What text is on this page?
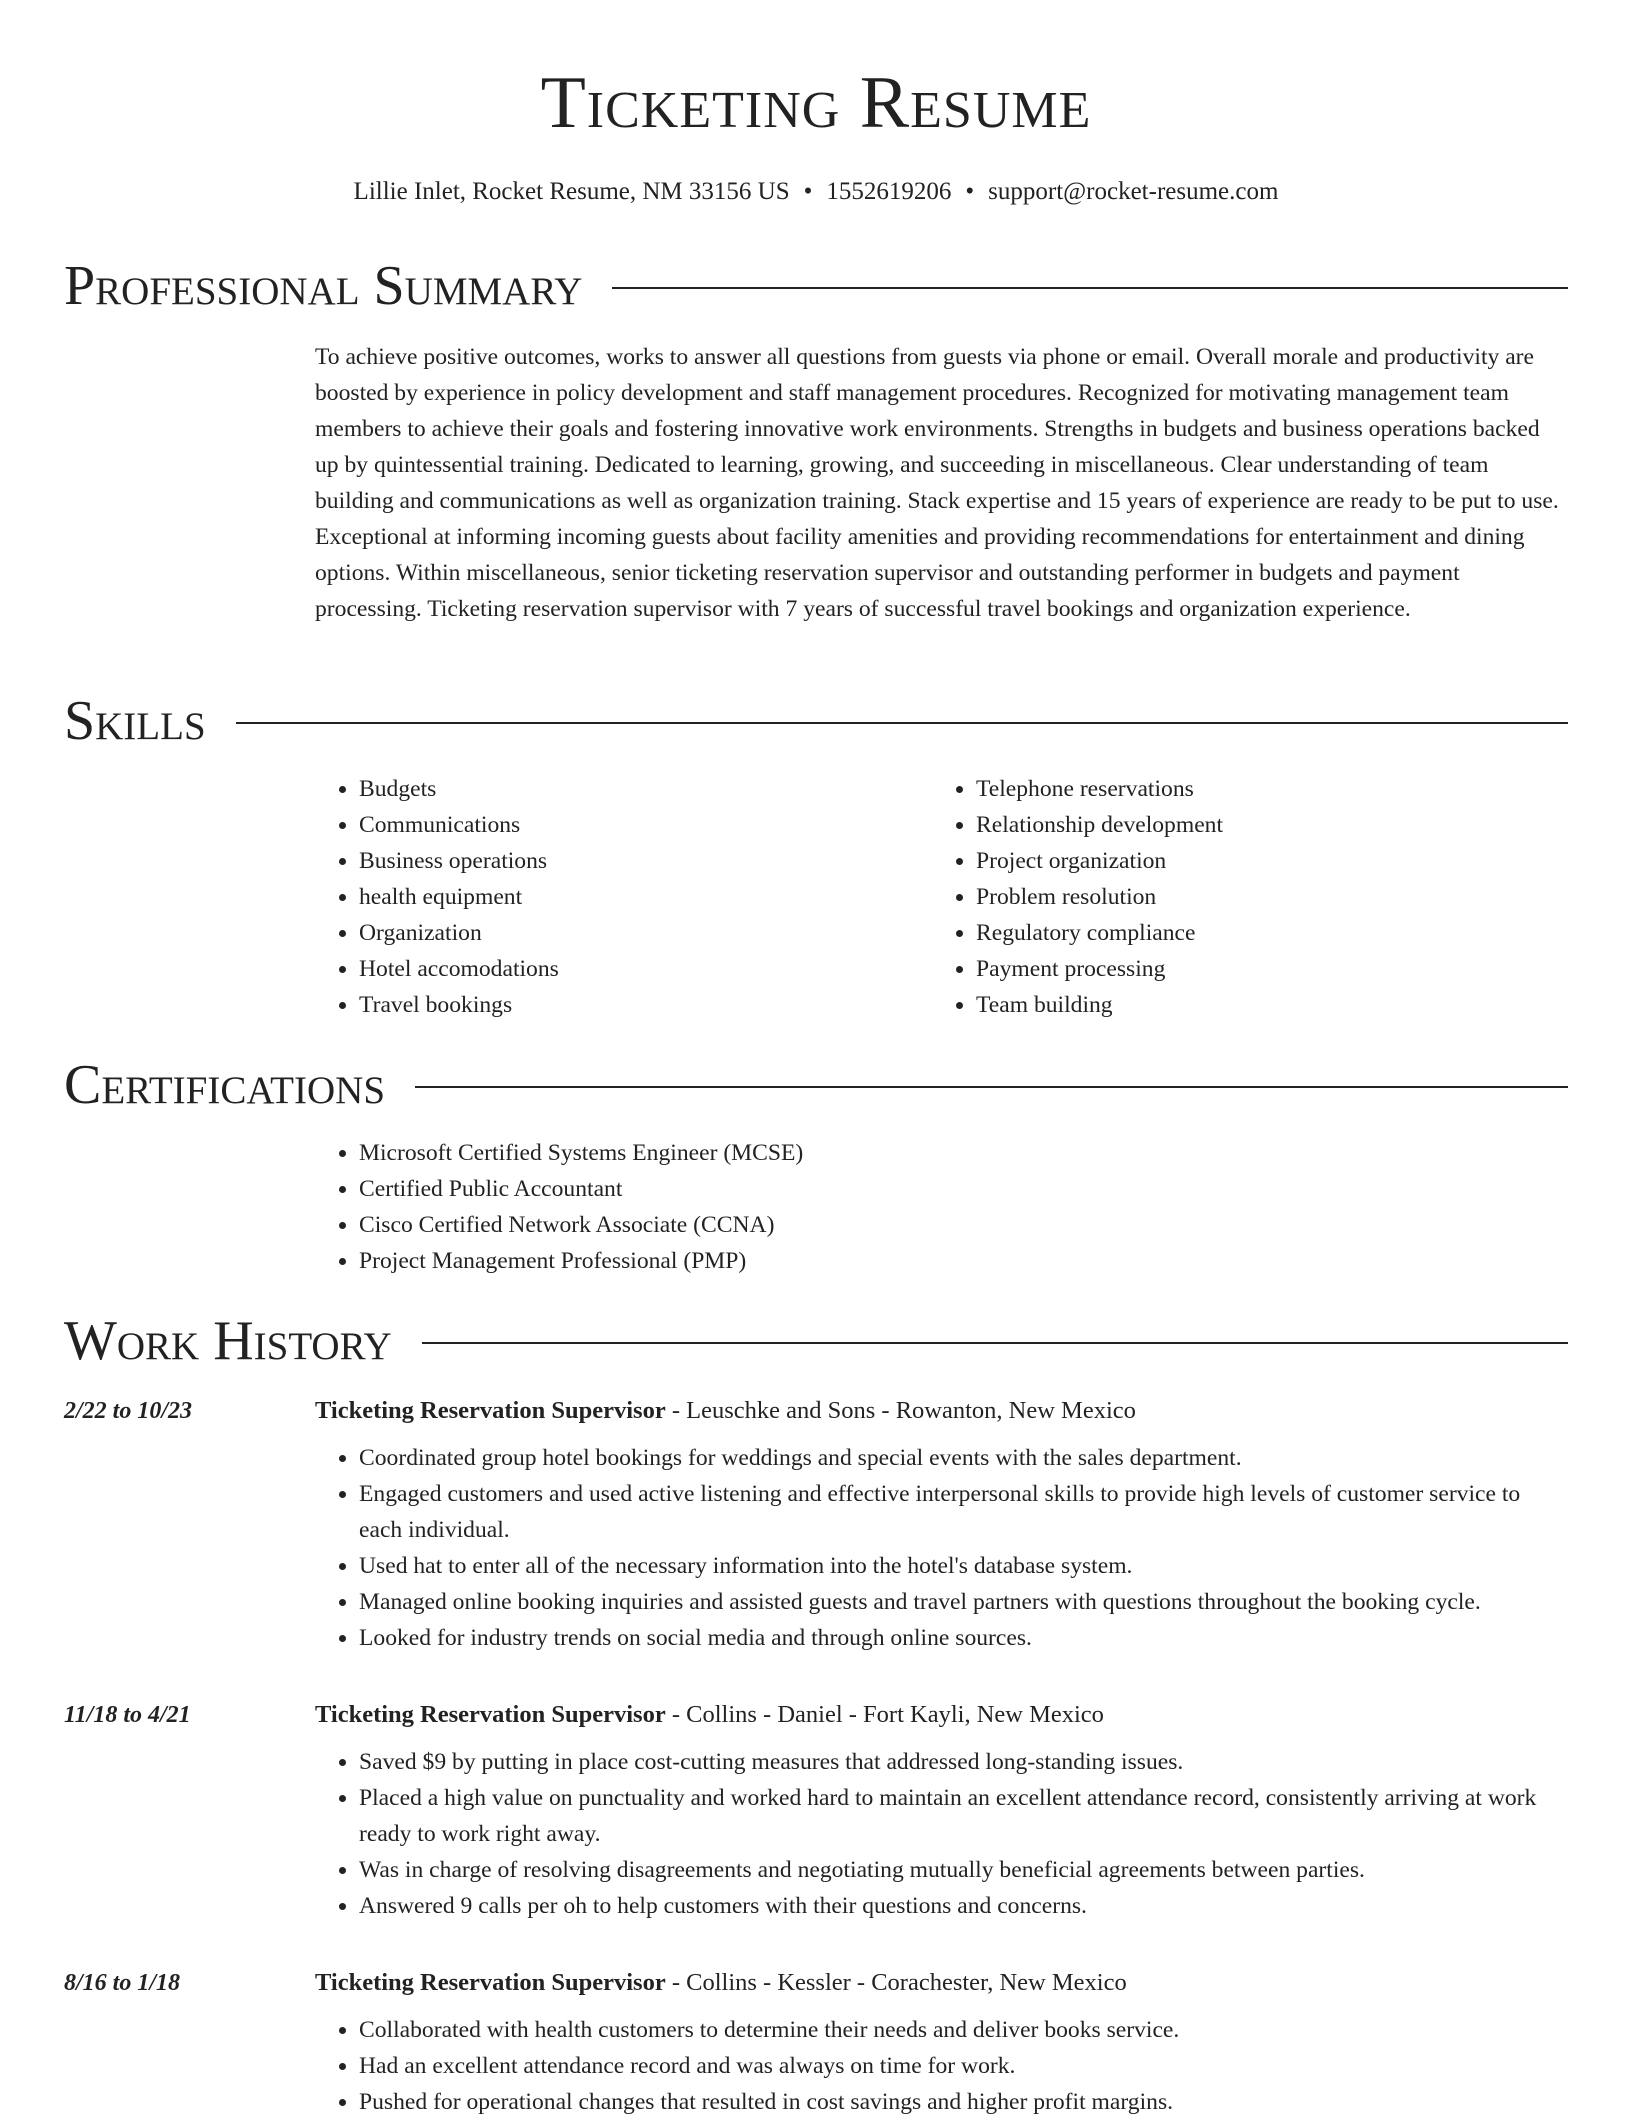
Ticketing Resume
Lillie Inlet, Rocket Resume, NM 33156 US • 1552619206 • support@rocket-resume.com
Professional Summary

To achieve positive outcomes, works to answer all questions from guests via phone or email. Overall morale and productivity are boosted by experience in policy development and staff management procedures. Recognized for motivating management team members to achieve their goals and fostering innovative work environments. Strengths in budgets and business operations backed up by quintessential training. Dedicated to learning, growing, and succeeding in miscellaneous. Clear understanding of team building and communications as well as organization training. Stack expertise and 15 years of experience are ready to be put to use. Exceptional at informing incoming guests about facility amenities and providing recommendations for entertainment and dining options. Within miscellaneous, senior ticketing reservation supervisor and outstanding performer in budgets and payment processing. Ticketing reservation supervisor with 7 years of successful travel bookings and organization experience.

Skills
• Budgets
• Communications
• Business operations
• health equipment
• Organization
• Hotel accomodations
• Travel bookings
• Telephone reservations
• Relationship development
• Project organization
• Problem resolution
• Regulatory compliance
• Payment processing
• Team building
Certifications
• Microsoft Certified Systems Engineer (MCSE)
• Certified Public Accountant
• Cisco Certified Network Associate (CCNA)
• Project Management Professional (PMP)
Work History
2/22 to 10/23	Ticketing Reservation Supervisor - Leuschke and Sons - Rowanton, New Mexico
• Coordinated group hotel bookings for weddings and special events with the sales department.
• Engaged customers and used active listening and effective interpersonal skills to provide high levels of customer service to each individual.
• Used hat to enter all of the necessary information into the hotel's database system.
• Managed online booking inquiries and assisted guests and travel partners with questions throughout the booking cycle.
• Looked for industry trends on social media and through online sources.
11/18 to 4/21	Ticketing Reservation Supervisor - Collins - Daniel - Fort Kayli, New Mexico
• Saved $9 by putting in place cost-cutting measures that addressed long-standing issues.
• Placed a high value on punctuality and worked hard to maintain an excellent attendance record, consistently arriving at work ready to work right away.
• Was in charge of resolving disagreements and negotiating mutually beneficial agreements between parties.
• Answered 9 calls per oh to help customers with their questions and concerns.
8/16 to 1/18	Ticketing Reservation Supervisor - Collins - Kessler - Corachester, New Mexico
• Collaborated with health customers to determine their needs and deliver books service.
• Had an excellent attendance record and was always on time for work.
• Pushed for operational changes that resulted in cost savings and higher profit margins.
